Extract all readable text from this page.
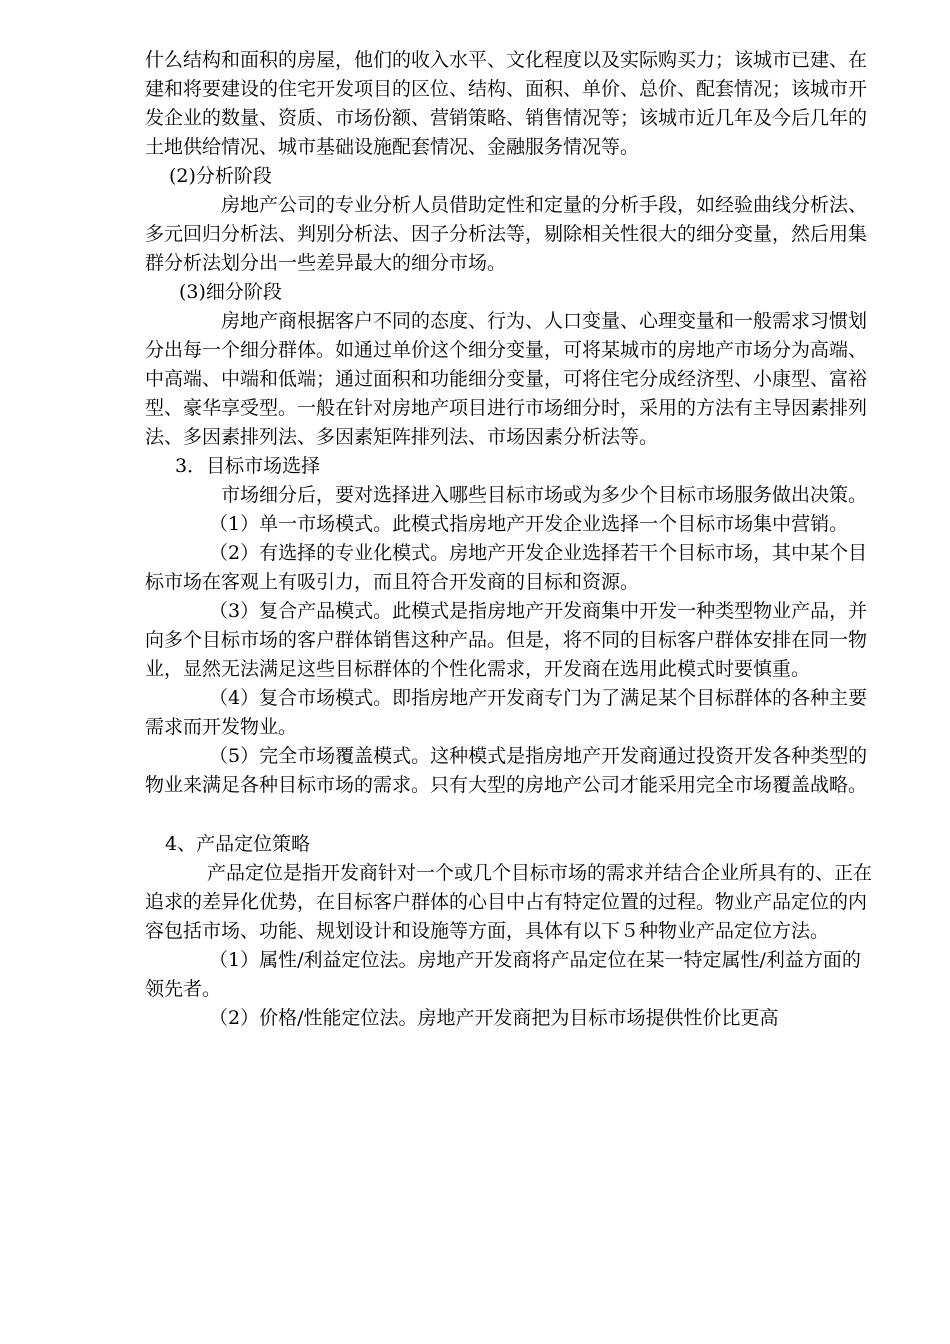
什么结构和面积的房屋，他们的收入水平、文化程度以及实际购买力；该城市已建、在建和将要建设的住宅开发项目的区位、结构、面积、单价、总价、配套情况；该城市开发企业的数量、资质、市场份额、营销策略、销售情况等；该城市近几年及今后几年的土地供给情况、城市基础设施配套情况、金融服务情况等。

(2)分析阶段

房地产公司的专业分析人员借助定性和定量的分析手段，如经验曲线分析法、多元回归分析法、判别分析法、因子分析法等，剔除相关性很大的细分变量，然后用集群分析法划分出一些差异最大的细分市场。

(3)细分阶段

房地产商根据客户不同的态度、行为、人口变量、心理变量和一般需求习惯划分出每一个细分群体。如通过单价这个细分变量，可将某城市的房地产市场分为高端、中高端、中端和低端；通过面积和功能细分变量，可将住宅分成经济型、小康型、富裕型、豪华享受型。一般在针对房地产项目进行市场细分时，采用的方法有主导因素排列法、多因素排列法、多因素矩阵排列法、市场因素分析法等。

3．目标市场选择

市场细分后，要对选择进入哪些目标市场或为多少个目标市场服务做出决策。

（1）单一市场模式。此模式指房地产开发企业选择一个目标市场集中营销。

（2）有选择的专业化模式。房地产开发企业选择若干个目标市场，其中某个目标市场在客观上有吸引力，而且符合开发商的目标和资源。

（3）复合产品模式。此模式是指房地产开发商集中开发一种类型物业产品，并向多个目标市场的客户群体销售这种产品。但是，将不同的目标客户群体安排在同一物业，显然无法满足这些目标群体的个性化需求，开发商在选用此模式时要慎重。

（4）复合市场模式。即指房地产开发商专门为了满足某个目标群体的各种主要需求而开发物业。

（5）完全市场覆盖模式。这种模式是指房地产开发商通过投资开发各种类型的物业来满足各种目标市场的需求。只有大型的房地产公司才能采用完全市场覆盖战略。

4、产品定位策略

产品定位是指开发商针对一个或几个目标市场的需求并结合企业所具有的、正在追求的差异化优势，在目标客户群体的心目中占有特定位置的过程。物业产品定位的内容包括市场、功能、规划设计和设施等方面，具体有以下５种物业产品定位方法。

（1）属性/利益定位法。房地产开发商将产品定位在某一特定属性/利益方面的领先者。

（2）价格/性能定位法。房地产开发商把为目标市场提供性价比更高
